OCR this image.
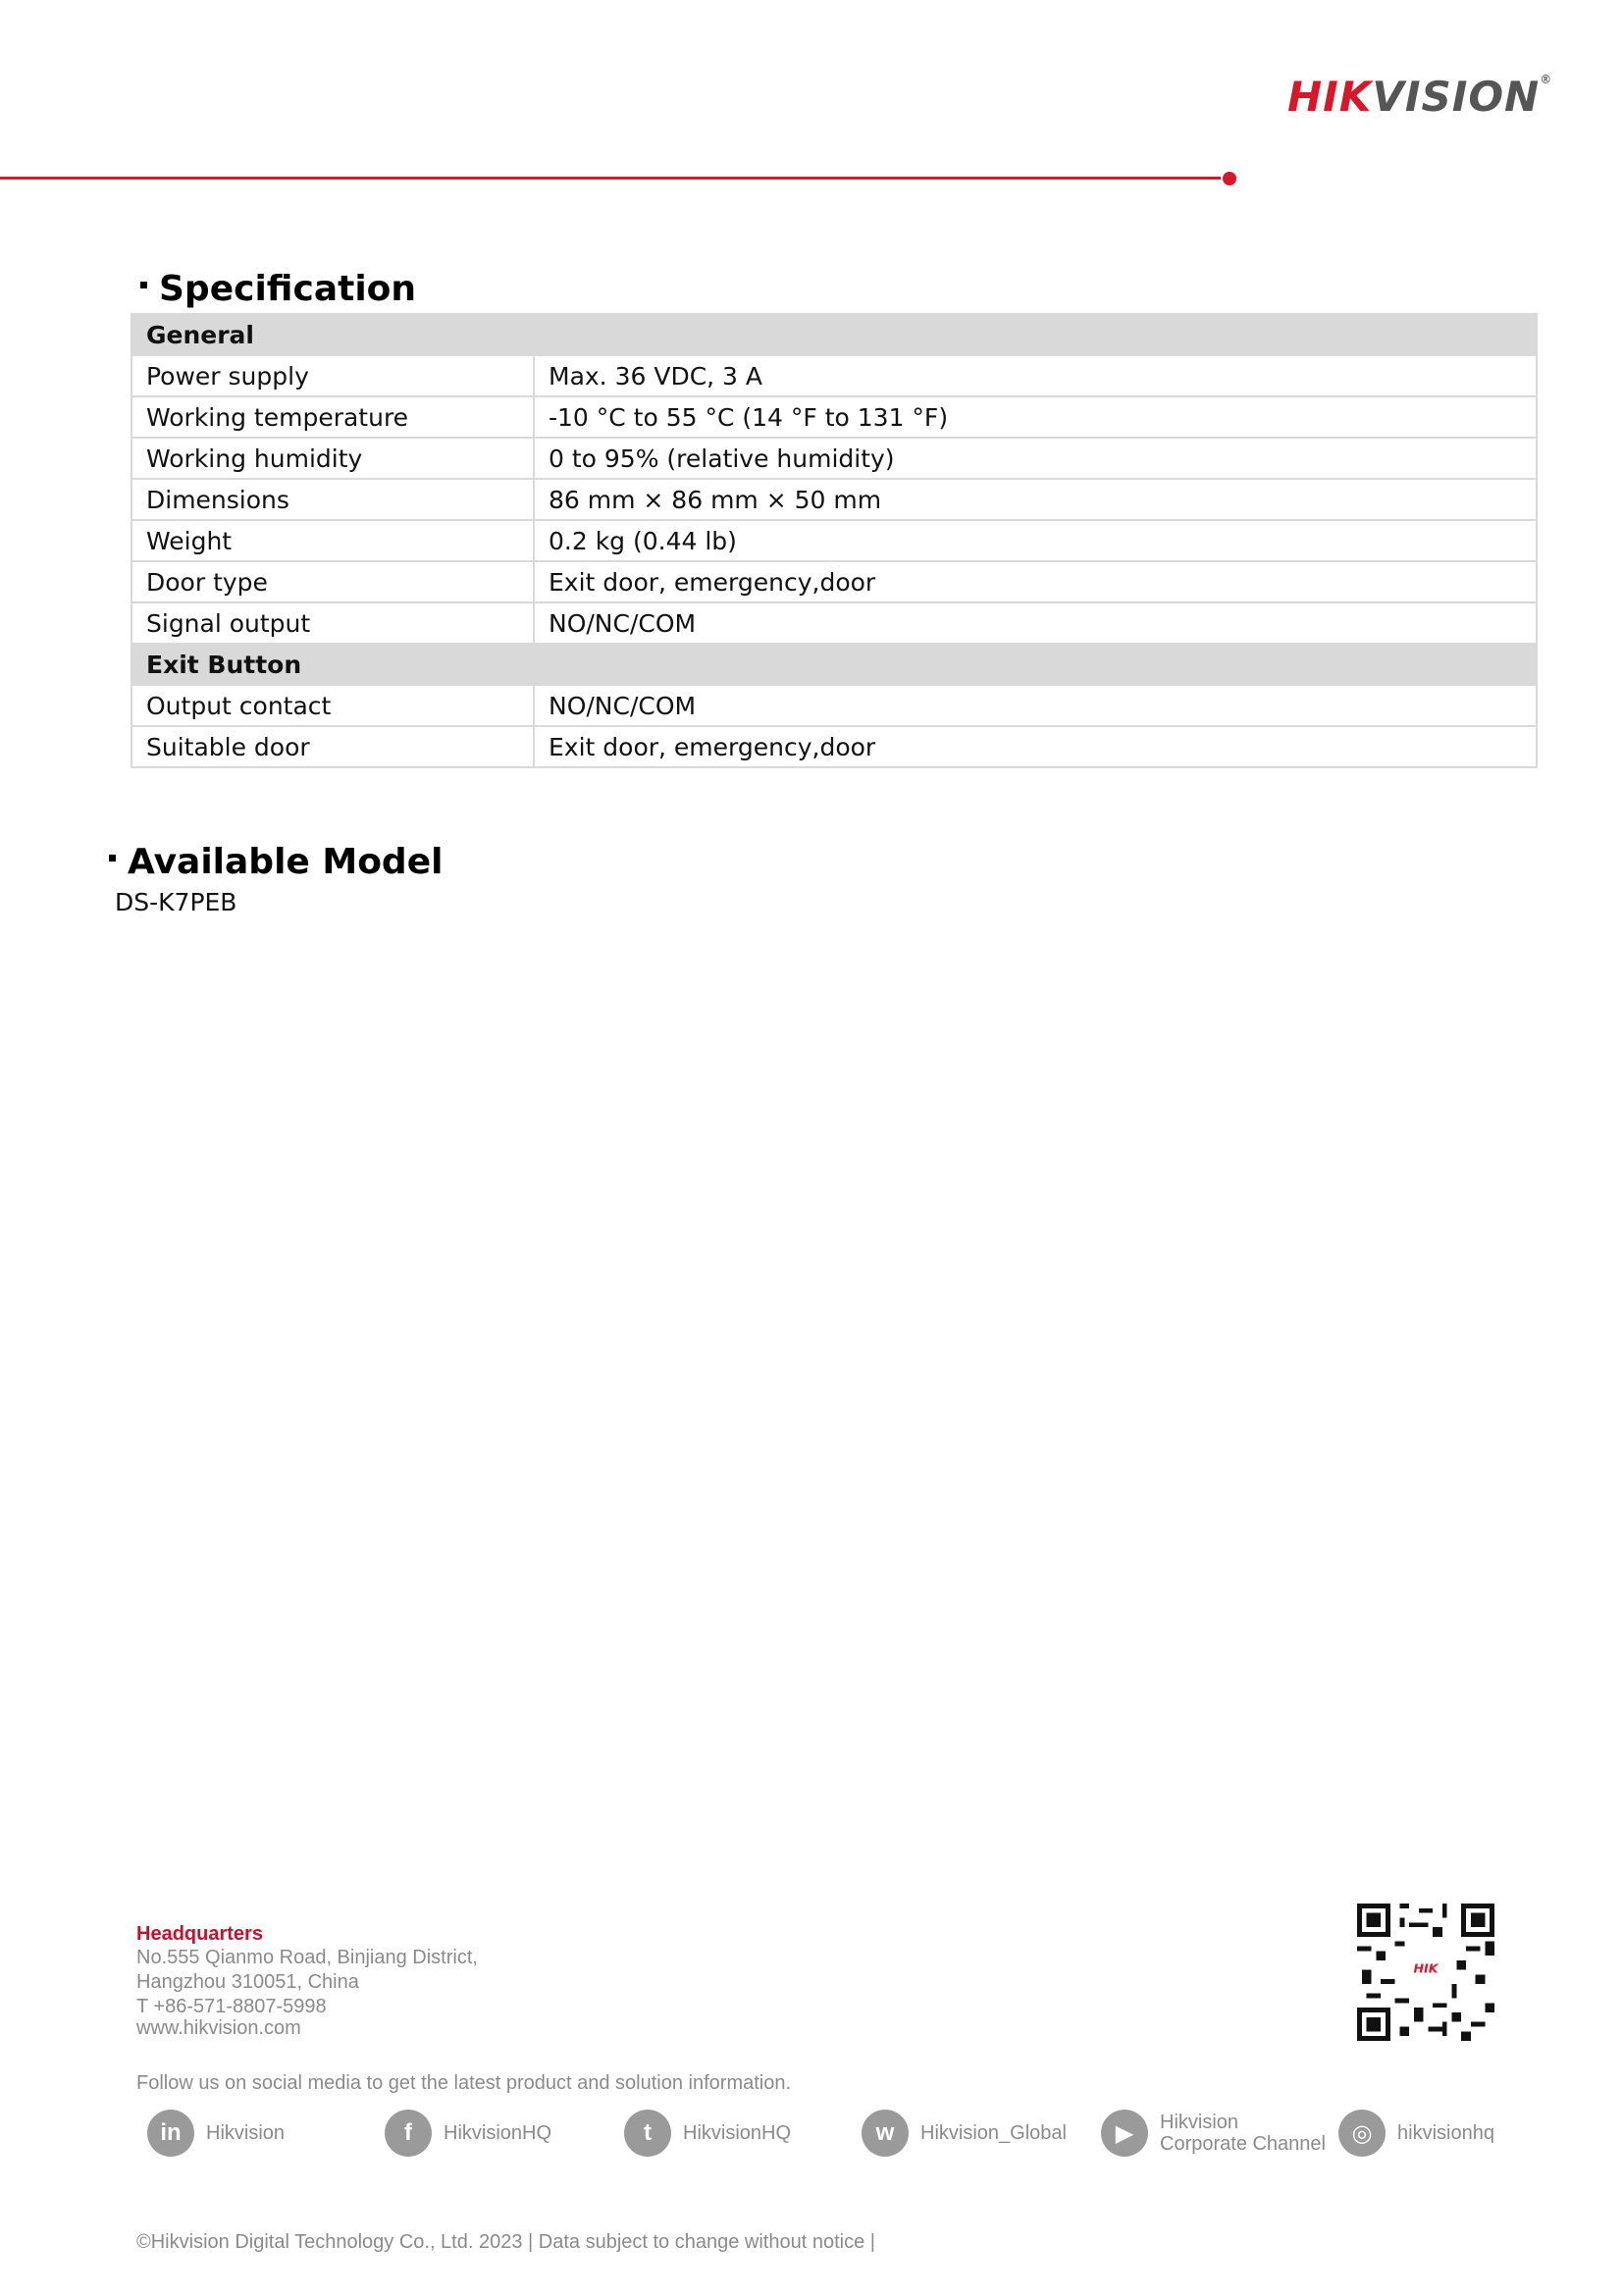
HIKVISION®
Specification
General	
Power supply	Max. 36 VDC, 3 A
Working temperature	-10 °C to 55 °C (14 °F to 131 °F)
Working humidity	0 to 95% (relative humidity)
Dimensions	86 mm × 86 mm × 50 mm
Weight	0.2 kg (0.44 lb)
Door type	Exit door, emergency,door
Signal output	NO/NC/COM
Exit Button	
Output contact	NO/NC/COM
Suitable door	Exit door, emergency,door
Available Model
DS-K7PEB
Headquarters
No.555 Qianmo Road, Binjiang District,
Hangzhou 310051, China
T +86-571-8807-5998
www.hikvision.com
HIK
Follow us on social media to get the latest product and solution information.
in	Hikvision	f	HikvisionHQ	t	HikvisionHQ	w	Hikvision_Global	▶	Hikvision
Corporate Channel	◎	hikvisionhq
©Hikvision Digital Technology Co., Ltd. 2023 | Data subject to change without notice |
